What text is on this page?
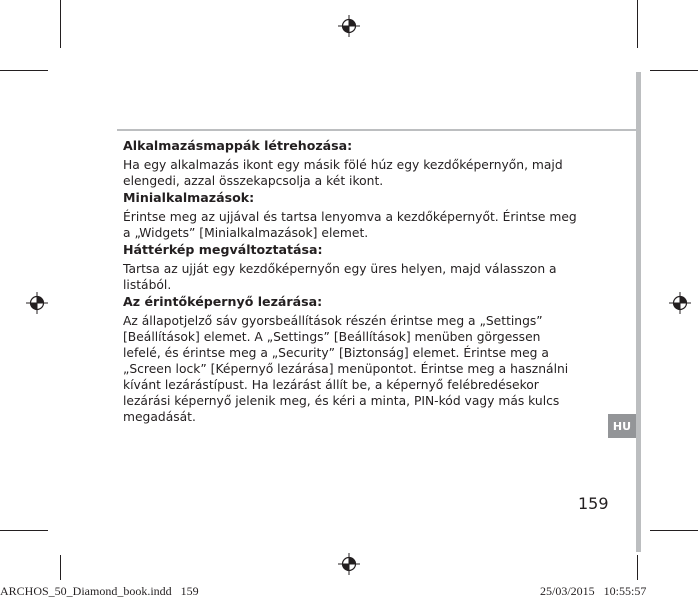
Alkalmazásmappák létrehozása:

Ha egy alkalmazás ikont egy másik fölé húz egy kezdőképernyőn, majd
elengedi, azzal összekapcsolja a két ikont.

Minialkalmazások:

Érintse meg az ujjával és tartsa lenyomva a kezdőképernyőt. Érintse meg
a „Widgets” [Minialkalmazások] elemet.

Háttérkép megváltoztatása:

Tartsa az ujját egy kezdőképernyőn egy üres helyen, majd válasszon a
listából.

Az érintőképernyő lezárása:

Az állapotjelző sáv gyorsbeállítások részén érintse meg a „Settings”
[Beállítások] elemet. A „Settings” [Beállítások] menüben görgessen
lefelé, és érintse meg a „Security” [Biztonság] elemet. Érintse meg a
„Screen lock” [Képernyő lezárása] menüpontot. Érintse meg a használni
kívánt lezárástípust. Ha lezárást állít be, a képernyő felébredésekor
lezárási képernyő jelenik meg, és kéri a minta, PIN-kód vagy más kulcs
megadását.

HU
159
ARCHOS_50_Diamond_book.indd   159	25/03/2015   10:55:57
